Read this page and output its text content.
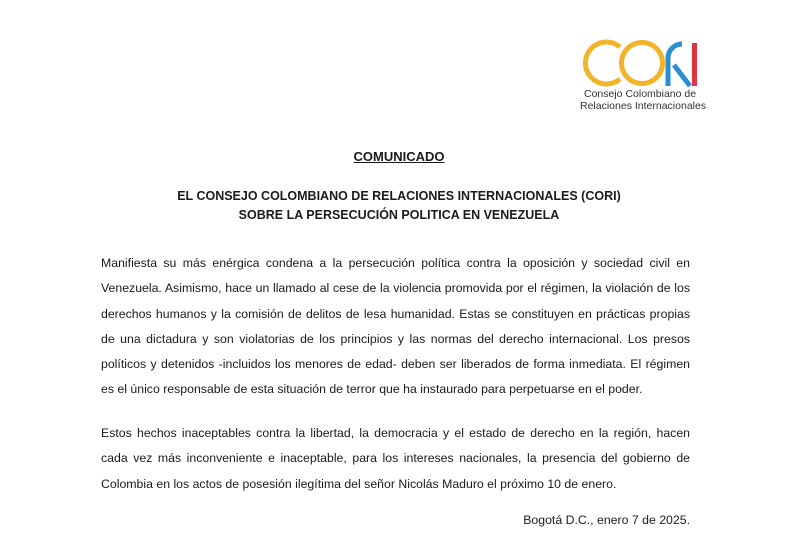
Consejo Colombiano de
Relaciones Internacionales
COMUNICADO
EL CONSEJO COLOMBIANO DE RELACIONES INTERNACIONALES (CORI)
SOBRE LA PERSECUCIÓN POLITICA EN VENEZUELA
Manifiesta su más enérgica condena a la persecución política contra la oposición y sociedad civil en Venezuela. Asimismo, hace un llamado al cese de la violencia promovida por el régimen, la violación de los derechos humanos y la comisión de delitos de lesa humanidad. Estas se constituyen en prácticas propias de una dictadura y son violatorias de los principios y las normas del derecho internacional. Los presos políticos y detenidos -incluidos los menores de edad- deben ser liberados de forma inmediata. El régimen es el único responsable de esta situación de terror que ha instaurado para perpetuarse en el poder.
Estos hechos inaceptables contra la libertad, la democracia y el estado de derecho en la región, hacen cada vez más inconveniente e inaceptable, para los intereses nacionales, la presencia del gobierno de Colombia en los actos de posesión ilegítima del señor Nicolás Maduro el próximo 10 de enero.
Bogotá D.C., enero 7 de 2025.
